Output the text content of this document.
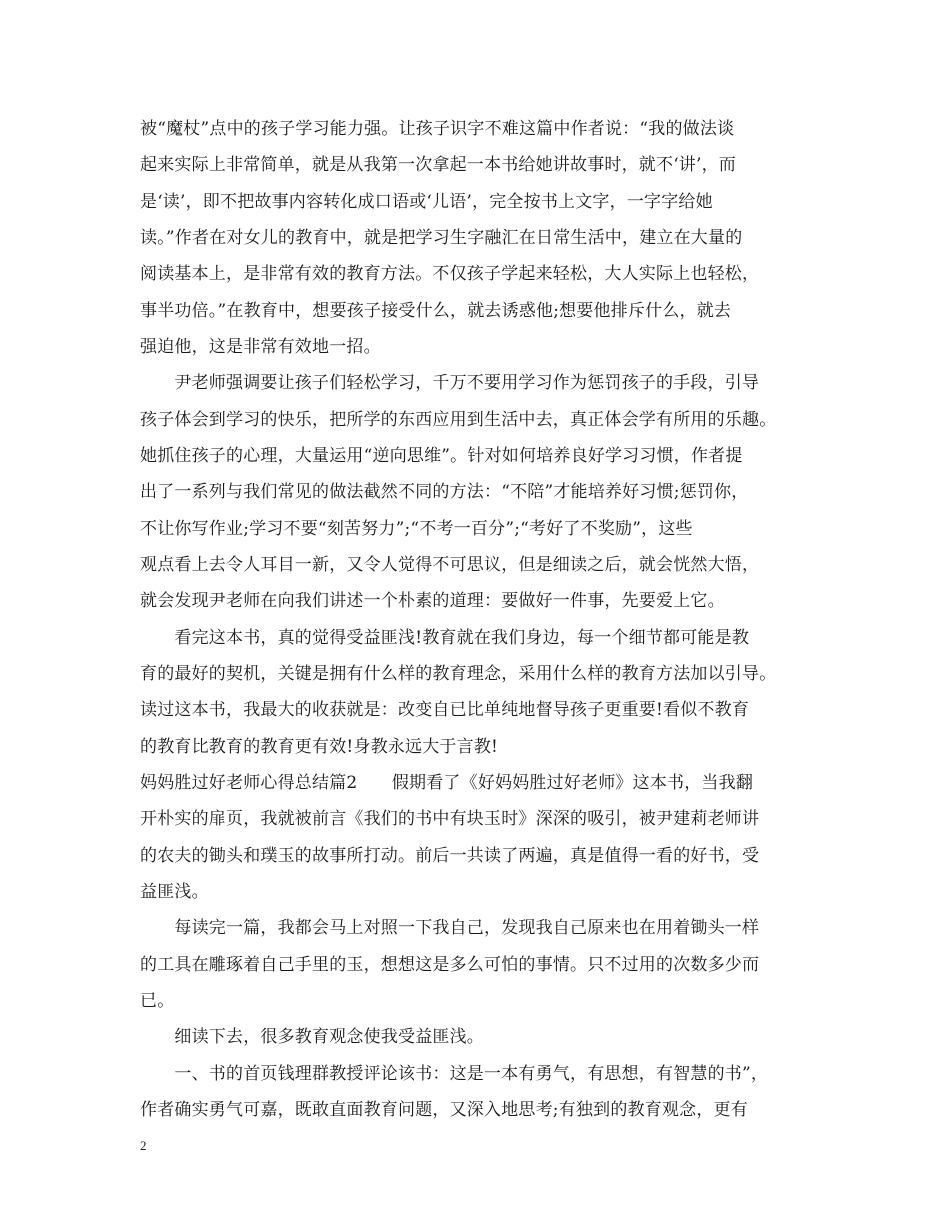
被“魔杖”点中的孩子学习能力强。让孩子识字不难这篇中作者说：“我的做法谈
起来实际上非常简单，就是从我第一次拿起一本书给她讲故事时，就不‘讲’，而
是‘读’，即不把故事内容转化成口语或‘儿语’，完全按书上文字，一字字给她
读。”作者在对女儿的教育中，就是把学习生字融汇在日常生活中，建立在大量的
阅读基本上，是非常有效的教育方法。不仅孩子学起来轻松，大人实际上也轻松，
事半功倍。”在教育中，想要孩子接受什么，就去诱惑他;想要他排斥什么，就去
强迫他，这是非常有效地一招。
　　尹老师强调要让孩子们轻松学习，千万不要用学习作为惩罚孩子的手段，引导
孩子体会到学习的快乐，把所学的东西应用到生活中去，真正体会学有所用的乐趣。
她抓住孩子的心理，大量运用“逆向思维”。针对如何培养良好学习习惯，作者提
出了一系列与我们常见的做法截然不同的方法：“不陪”才能培养好习惯;惩罚你，
不让你写作业;学习不要“刻苦努力”;“不考一百分”;“考好了不奖励”，这些
观点看上去令人耳目一新，又令人觉得不可思议，但是细读之后，就会恍然大悟，
就会发现尹老师在向我们讲述一个朴素的道理：要做好一件事，先要爱上它。
　　看完这本书，真的觉得受益匪浅!教育就在我们身边，每一个细节都可能是教
育的最好的契机，关键是拥有什么样的教育理念，采用什么样的教育方法加以引导。
读过这本书，我最大的收获就是：改变自已比单纯地督导孩子更重要!看似不教育
的教育比教育的教育更有效!身教永远大于言教!
妈妈胜过好老师心得总结篇2　　假期看了《好妈妈胜过好老师》这本书，当我翻
开朴实的扉页，我就被前言《我们的书中有块玉时》深深的吸引，被尹建莉老师讲
的农夫的锄头和璞玉的故事所打动。前后一共读了两遍，真是值得一看的好书，受
益匪浅。
　　每读完一篇，我都会马上对照一下我自己，发现我自己原来也在用着锄头一样
的工具在雕琢着自己手里的玉，想想这是多么可怕的事情。只不过用的次数多少而
已。
　　细读下去，很多教育观念使我受益匪浅。
　　一、书的首页钱理群教授评论该书：这是一本有勇气，有思想，有智慧的书”，
作者确实勇气可嘉，既敢直面教育问题，又深入地思考;有独到的教育观念，更有
2
